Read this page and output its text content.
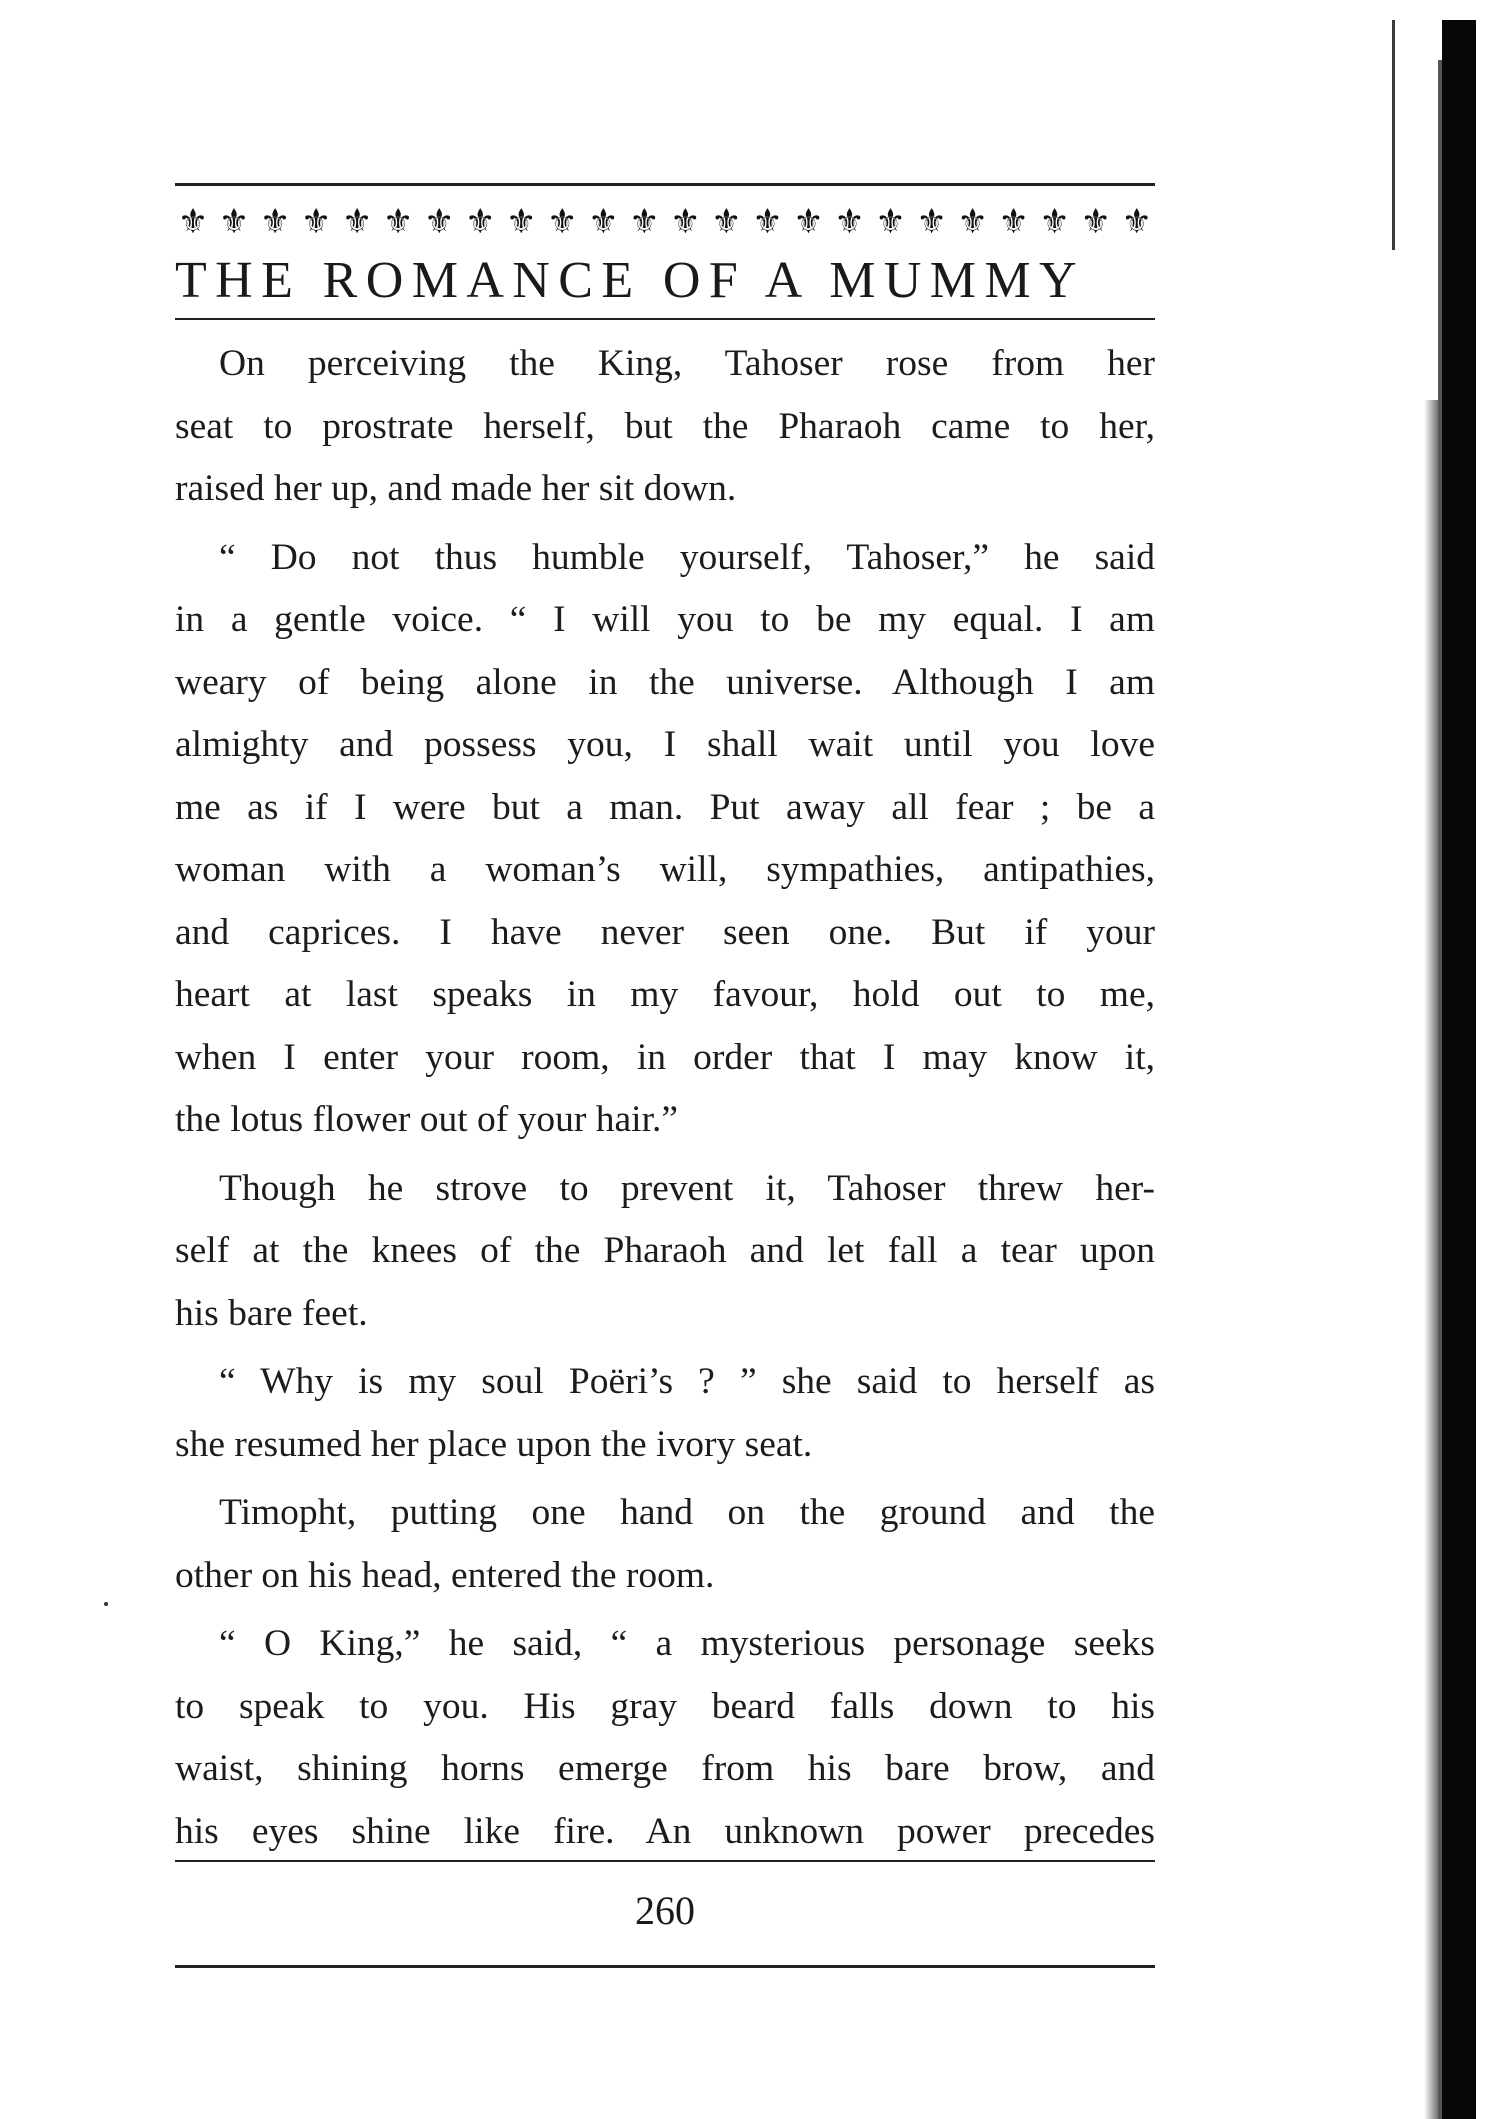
⚜ ⚜ ⚜ ⚜ ⚜ ⚜ ⚜ ⚜ ⚜ ⚜ ⚜ ⚜ ⚜ ⚜ ⚜ ⚜ ⚜ ⚜ ⚜ ⚜ ⚜ ⚜ ⚜ ⚜
THE ROMANCE OF A MUMMY
On perceiving the King, Tahoser rose from her
seat to prostrate herself, but the Pharaoh came to her,
raised her up, and made her sit down.
“ Do not thus humble yourself, Tahoser,” he said
in a gentle voice. “ I will you to be my equal. I am
weary of being alone in the universe. Although I am
almighty and possess you, I shall wait until you love
me as if I were but a man. Put away all fear ; be a
woman with a woman’s will, sympathies, antipathies,
and caprices. I have never seen one. But if your
heart at last speaks in my favour, hold out to me,
when I enter your room, in order that I may know it,
the lotus flower out of your hair.”
Though he strove to prevent it, Tahoser threw her-
self at the knees of the Pharaoh and let fall a tear upon
his bare feet.
“ Why is my soul Poëri’s ? ” she said to herself as
she resumed her place upon the ivory seat.
Timopht, putting one hand on the ground and the
other on his head, entered the room.
“ O King,” he said, “ a mysterious personage seeks
to speak to you. His gray beard falls down to his
waist, shining horns emerge from his bare brow, and
his eyes shine like fire. An unknown power precedes
260
